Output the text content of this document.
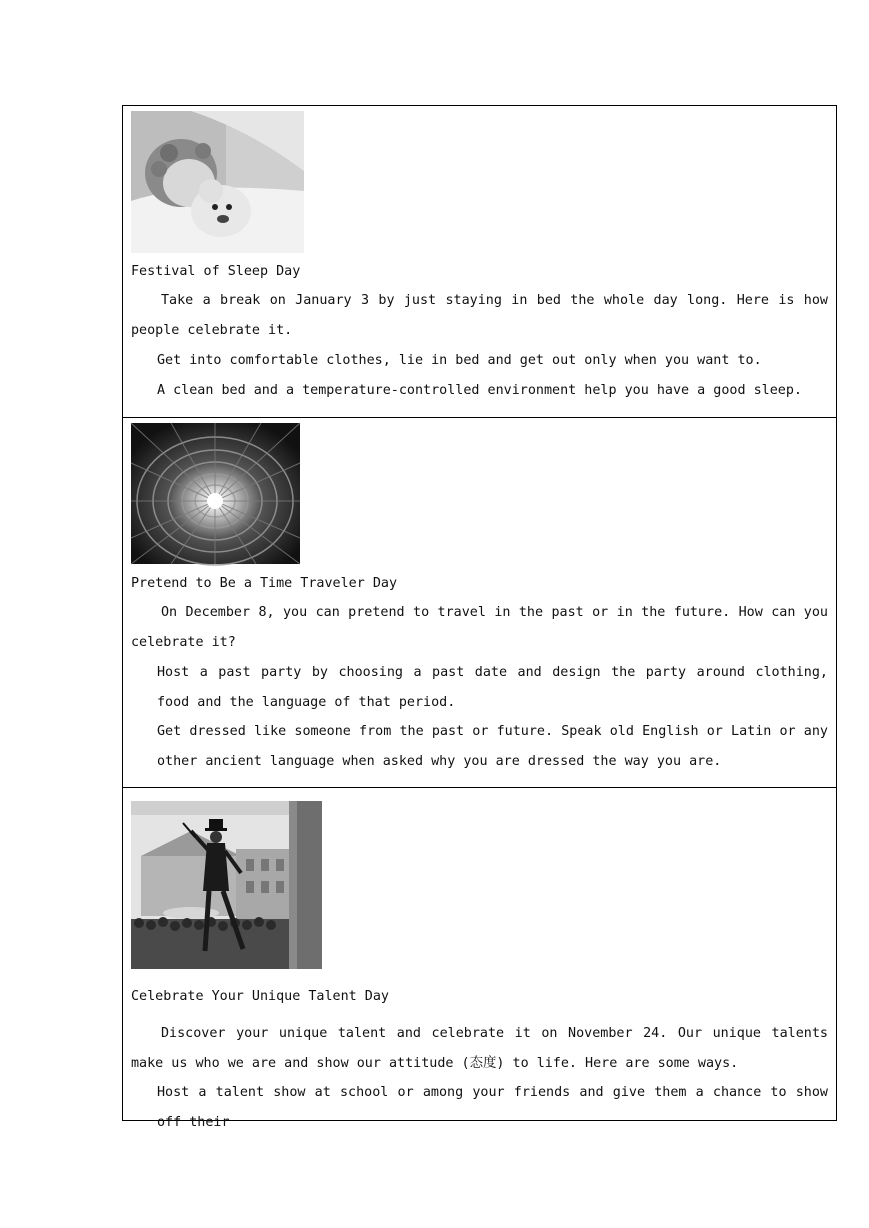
Festival of Sleep Day
Take a break on January 3 by just staying in bed the whole day long. Here is how people celebrate it.
Get into comfortable clothes, lie in bed and get out only when you want to.
A clean bed and a temperature-controlled environment help you have a good sleep.

Pretend to Be a Time Traveler Day
On December 8, you can pretend to travel in the past or in the future. How can you celebrate it?
Host a past party by choosing a past date and design the party around clothing, food and the language of that period.
Get dressed like someone from the past or future. Speak old English or Latin or any other ancient language when asked why you are dressed the way you are.

Celebrate Your Unique Talent Day
Discover your unique talent and celebrate it on November 24. Our unique talents make us who we are and show our attitude (态度) to life. Here are some ways.
Host a talent show at school or among your friends and give them a chance to show off their
